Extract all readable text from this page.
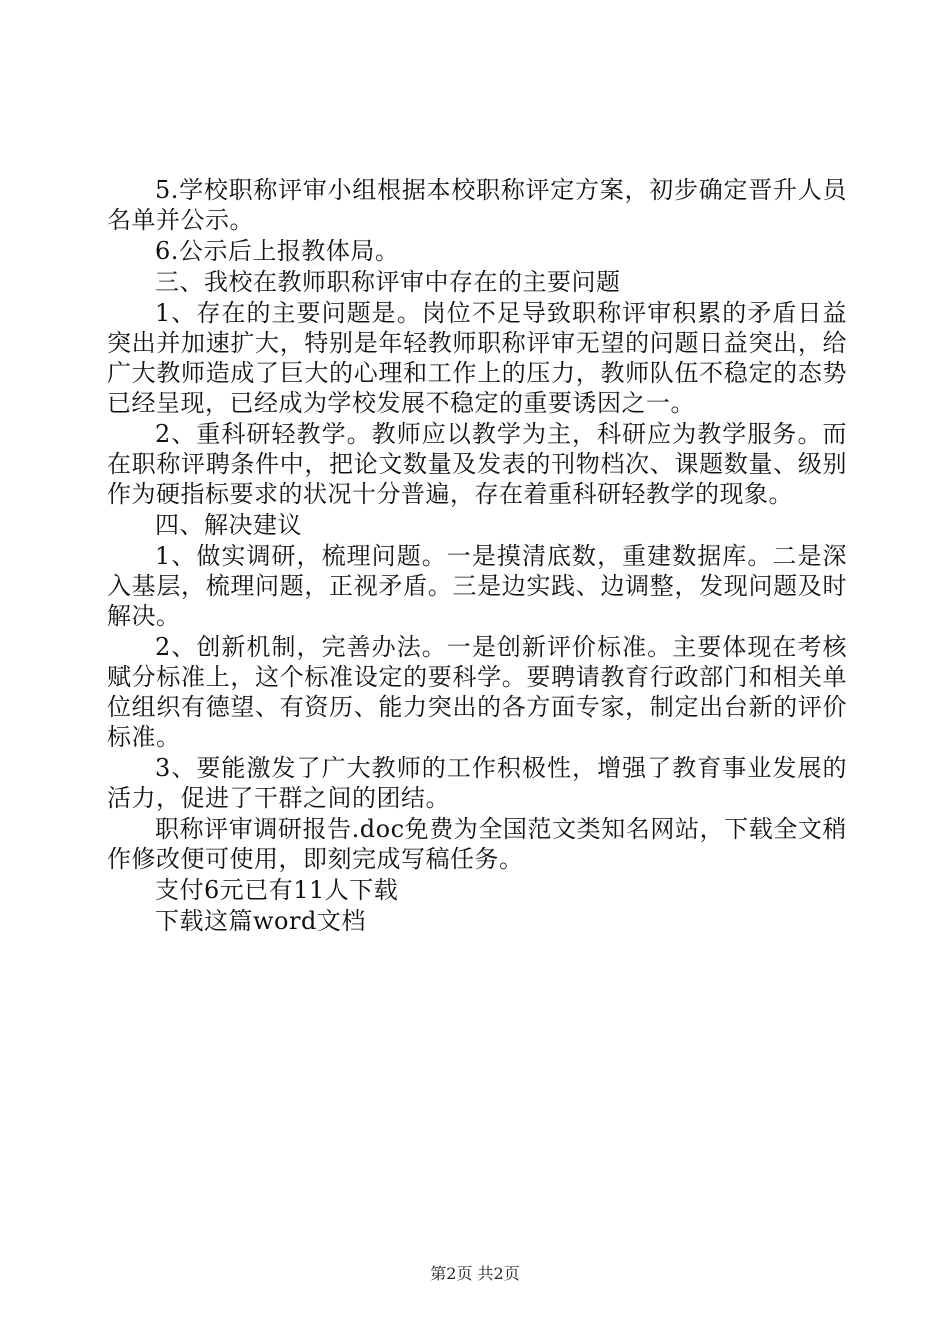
5.学校职称评审小组根据本校职称评定方案，初步确定晋升人员名单并公示。

6.公示后上报教体局。

三、我校在教师职称评审中存在的主要问题

1、存在的主要问题是。岗位不足导致职称评审积累的矛盾日益突出并加速扩大，特别是年轻教师职称评审无望的问题日益突出，给广大教师造成了巨大的心理和工作上的压力，教师队伍不稳定的态势已经呈现，已经成为学校发展不稳定的重要诱因之一。

2、重科研轻教学。教师应以教学为主，科研应为教学服务。而在职称评聘条件中，把论文数量及发表的刊物档次、课题数量、级别作为硬指标要求的状况十分普遍，存在着重科研轻教学的现象。

四、解决建议

1、做实调研，梳理问题。一是摸清底数，重建数据库。二是深入基层，梳理问题，正视矛盾。三是边实践、边调整，发现问题及时解决。

2、创新机制，完善办法。一是创新评价标准。主要体现在考核赋分标准上，这个标准设定的要科学。要聘请教育行政部门和相关单位组织有德望、有资历、能力突出的各方面专家，制定出台新的评价标准。

3、要能激发了广大教师的工作积极性，增强了教育事业发展的活力，促进了干群之间的团结。

职称评审调研报告.doc免费为全国范文类知名网站，下载全文稍作修改便可使用，即刻完成写稿任务。

支付6元已有11人下载

下载这篇word文档

第2页 共2页
